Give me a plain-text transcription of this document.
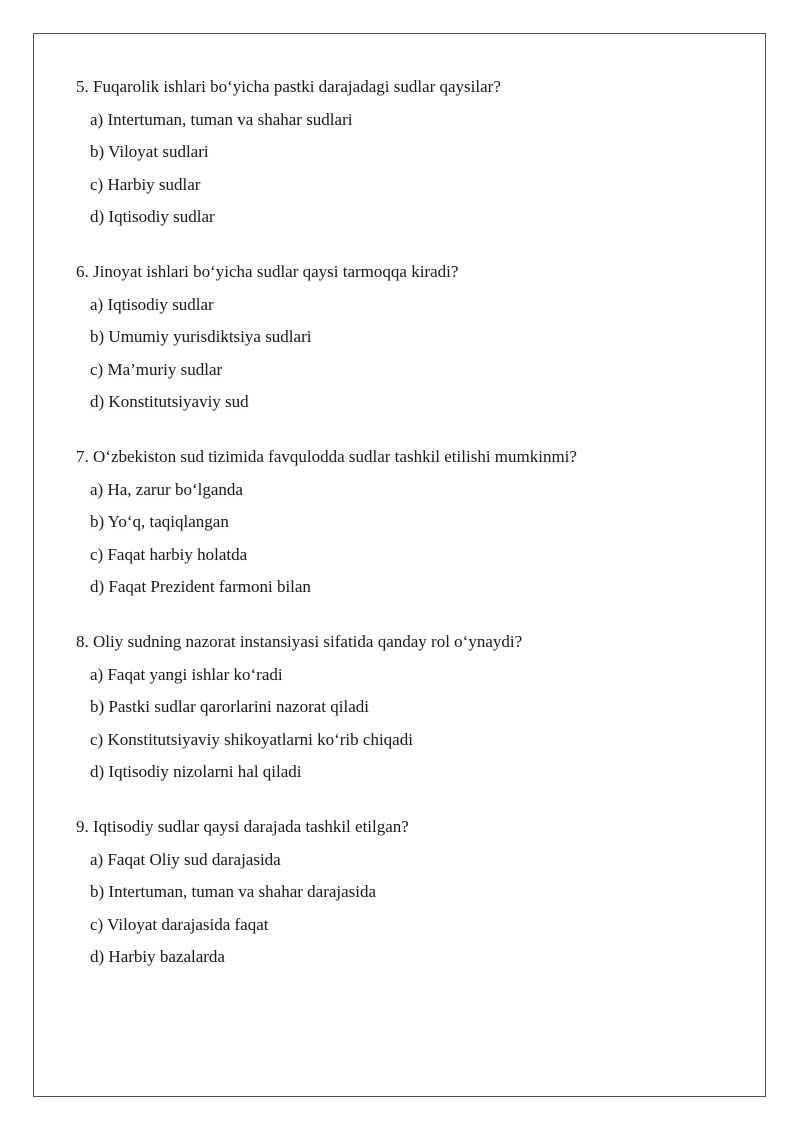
5. Fuqarolik ishlari bo‘yicha pastki darajadagi sudlar qaysilar?
a) Intertuman, tuman va shahar sudlari
b) Viloyat sudlari
c) Harbiy sudlar
d) Iqtisodiy sudlar
6. Jinoyat ishlari bo‘yicha sudlar qaysi tarmoqqa kiradi?
a) Iqtisodiy sudlar
b) Umumiy yurisdiktsiya sudlari
c) Ma’muriy sudlar
d) Konstitutsiyaviy sud
7. O‘zbekiston sud tizimida favqulodda sudlar tashkil etilishi mumkinmi?
a) Ha, zarur bo‘lganda
b) Yo‘q, taqiqlangan
c) Faqat harbiy holatda
d) Faqat Prezident farmoni bilan
8. Oliy sudning nazorat instansiyasi sifatida qanday rol o‘ynaydi?
a) Faqat yangi ishlar ko‘radi
b) Pastki sudlar qarorlarini nazorat qiladi
c) Konstitutsiyaviy shikoyatlarni ko‘rib chiqadi
d) Iqtisodiy nizolarni hal qiladi
9. Iqtisodiy sudlar qaysi darajada tashkil etilgan?
a) Faqat Oliy sud darajasida
b) Intertuman, tuman va shahar darajasida
c) Viloyat darajasida faqat
d) Harbiy bazalarda
